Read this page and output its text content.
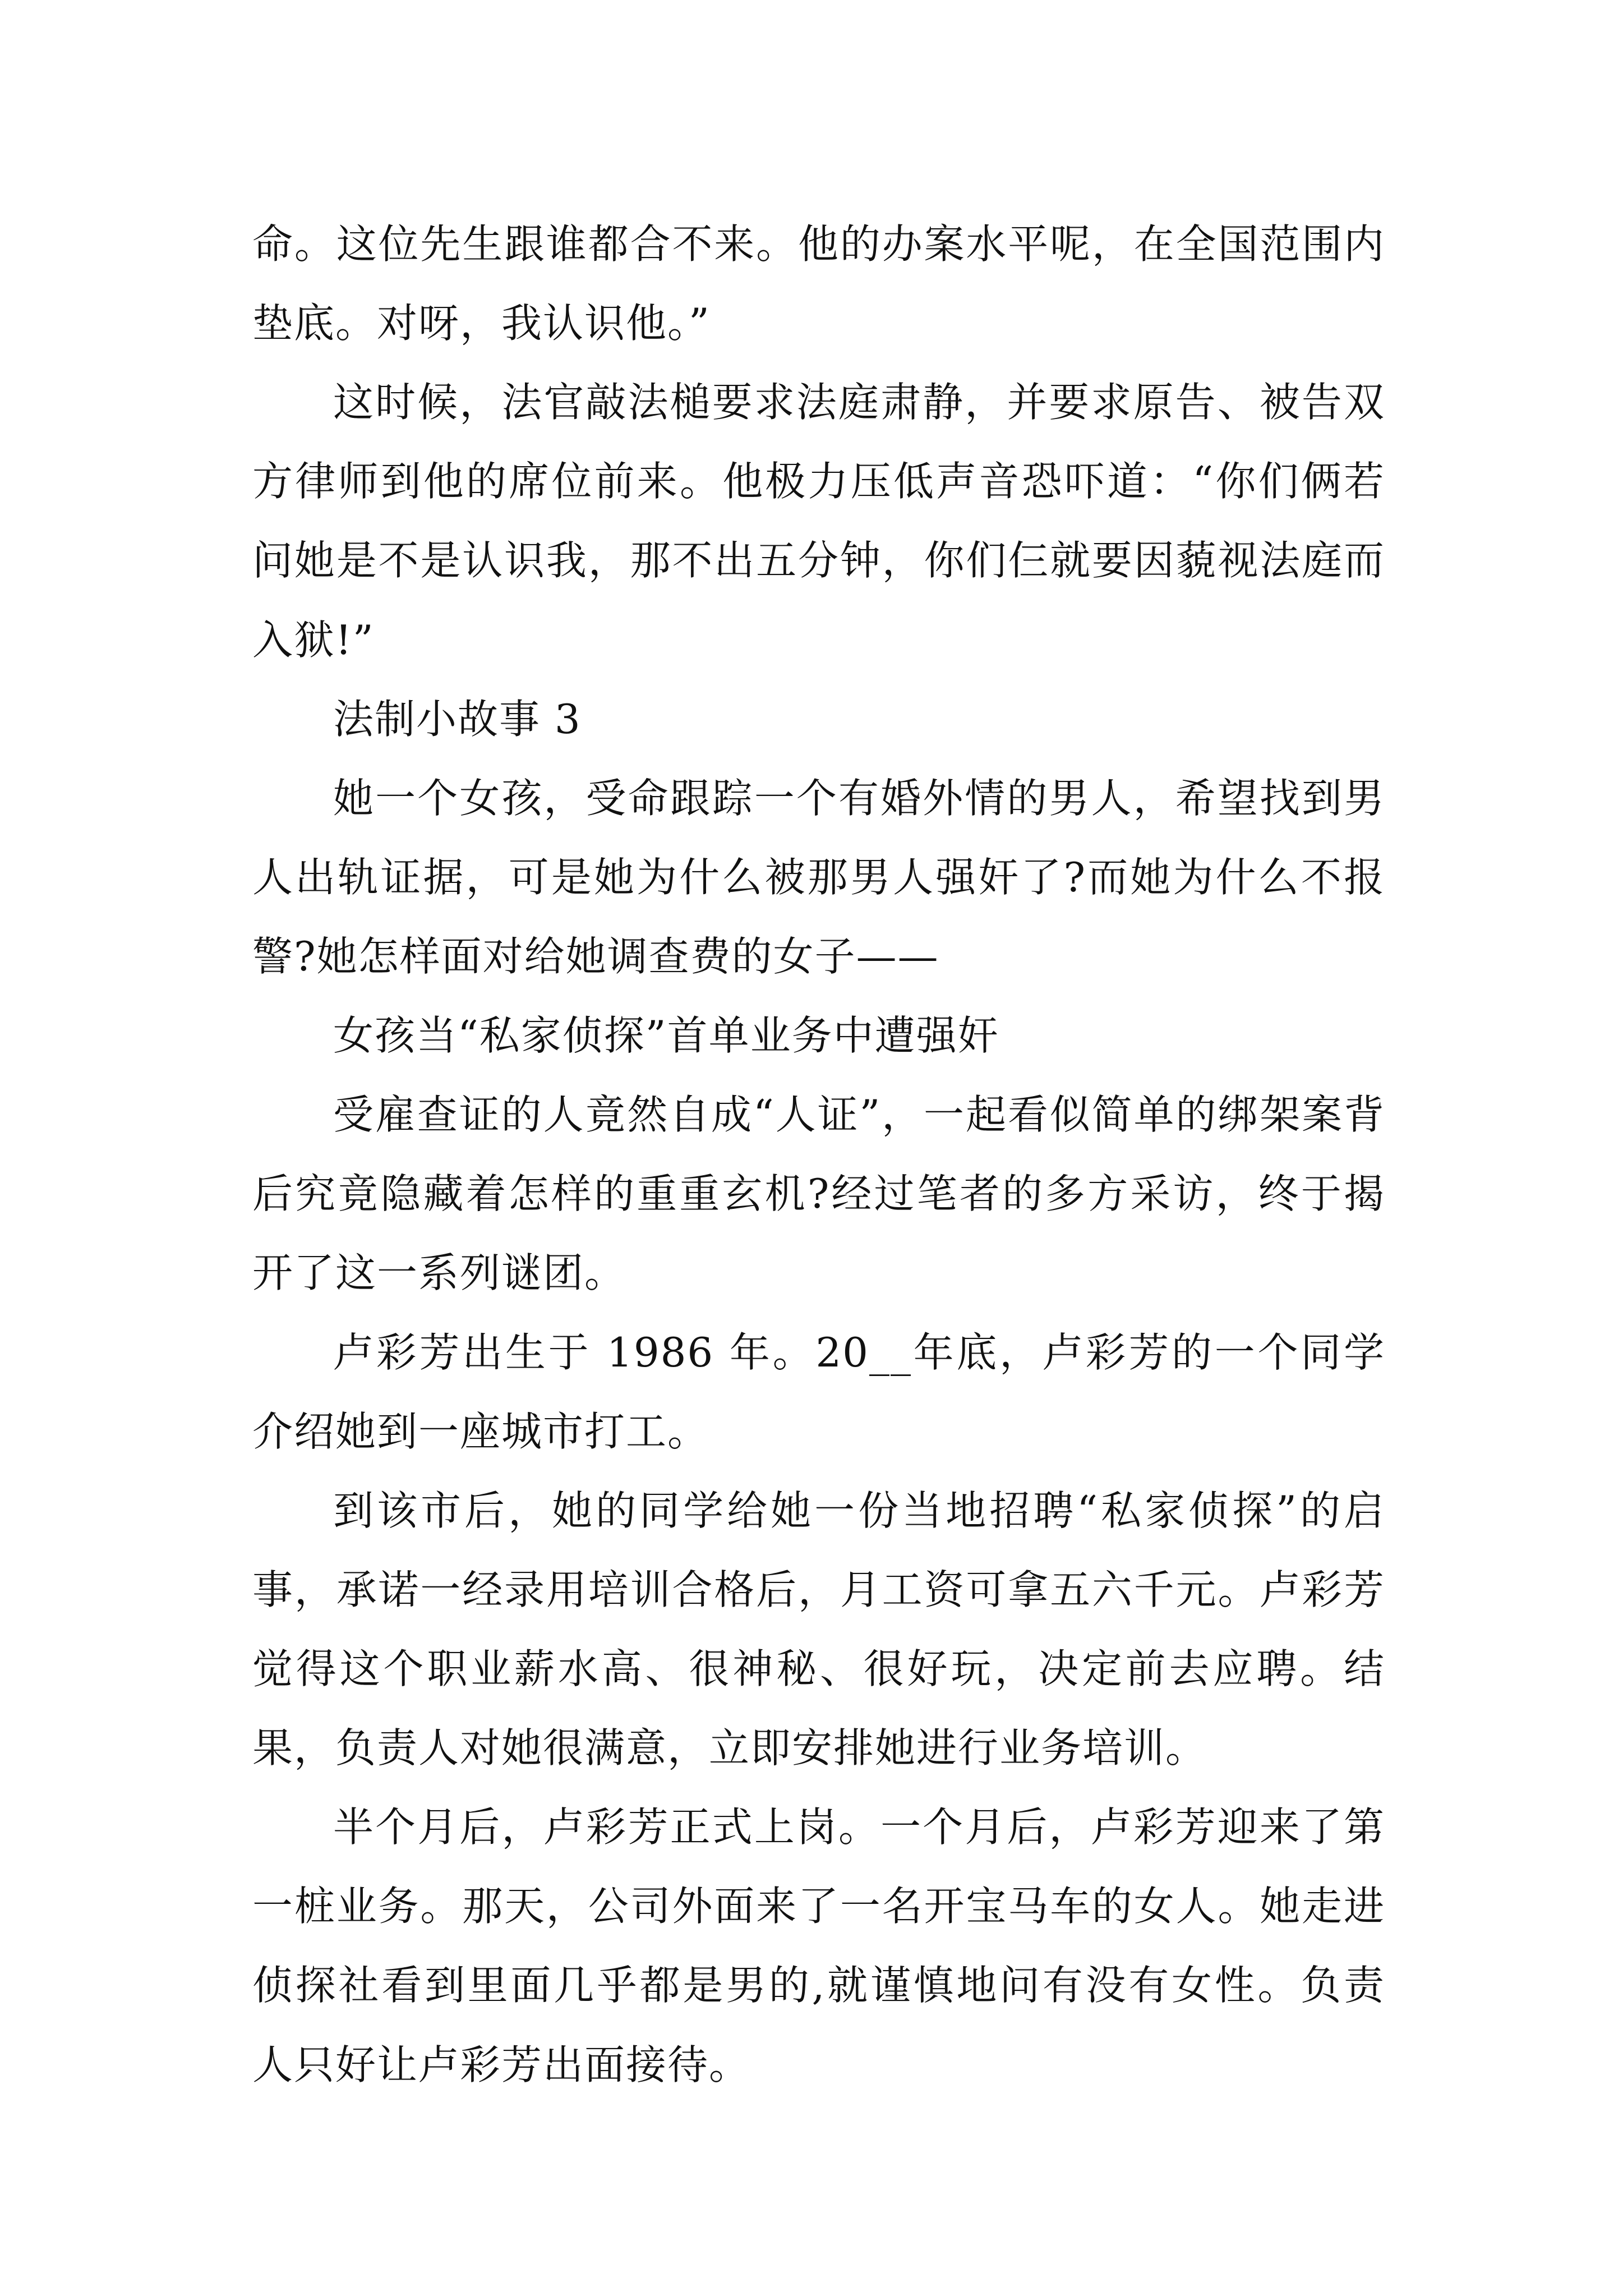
命。这位先生跟谁都合不来。他的办案水平呢，在全国范围内垫底。对呀，我认识他。”

这时候，法官敲法槌要求法庭肃静，并要求原告、被告双方律师到他的席位前来。他极力压低声音恐吓道：“你们俩若问她是不是认识我，那不出五分钟，你们仨就要因藐视法庭而入狱!”

法制小故事 3

她一个女孩，受命跟踪一个有婚外情的男人，希望找到男人出轨证据，可是她为什么被那男人强奸了?而她为什么不报警?她怎样面对给她调查费的女子——

女孩当“私家侦探”首单业务中遭强奸

受雇查证的人竟然自成“人证”，一起看似简单的绑架案背后究竟隐藏着怎样的重重玄机?经过笔者的多方采访，终于揭开了这一系列谜团。

卢彩芳出生于 1986 年。20__年底，卢彩芳的一个同学介绍她到一座城市打工。

到该市后，她的同学给她一份当地招聘“私家侦探”的启事，承诺一经录用培训合格后，月工资可拿五六千元。卢彩芳觉得这个职业薪水高、很神秘、很好玩，决定前去应聘。结果，负责人对她很满意，立即安排她进行业务培训。

半个月后，卢彩芳正式上岗。一个月后，卢彩芳迎来了第一桩业务。那天，公司外面来了一名开宝马车的女人。她走进侦探社看到里面几乎都是男的,就谨慎地问有没有女性。负责人只好让卢彩芳出面接待。
